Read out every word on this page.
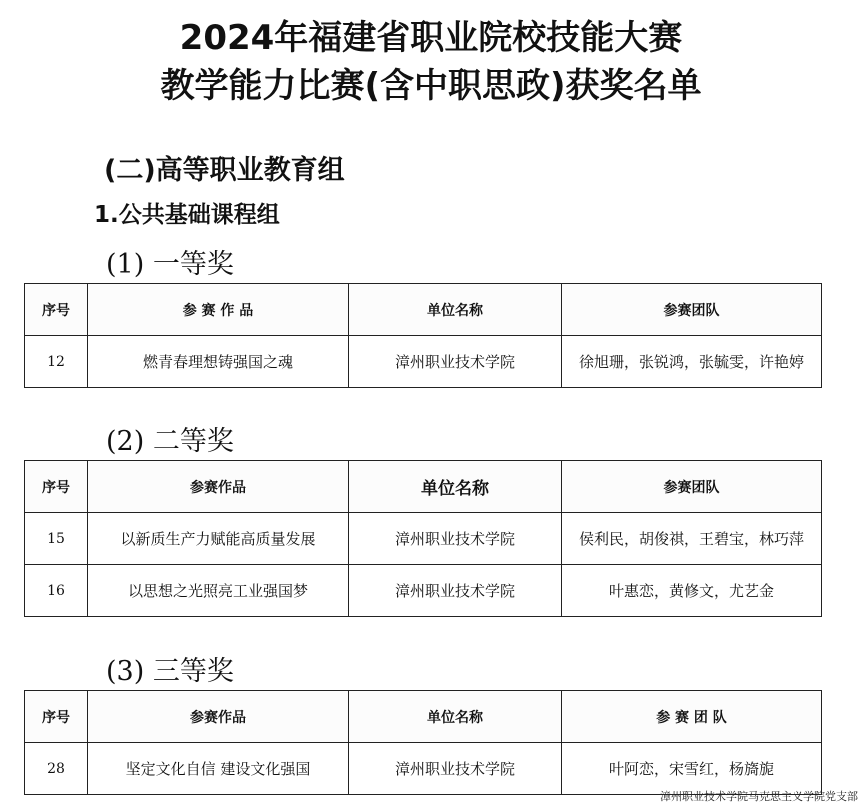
2024年福建省职业院校技能大赛
教学能力比赛(含中职思政)获奖名单
(二)高等职业教育组
1.公共基础课程组

(1) 一等奖

序号	参 赛 作 品	单位名称	参赛团队
12	燃青春理想铸强国之魂	漳州职业技术学院	徐旭珊，张锐鸿，张毓雯，许艳婷

(2) 二等奖

序号	参赛作品	单位名称	参赛团队
15	以新质生产力赋能高质量发展	漳州职业技术学院	侯利民，胡俊祺，王碧宝，林巧萍
16	以思想之光照亮工业强国梦	漳州职业技术学院	叶惠恋，黄修文，尤艺金

(3) 三等奖

序号	参赛作品	单位名称	参 赛 团 队
28	坚定文化自信 建设文化强国	漳州职业技术学院	叶阿恋，宋雪红，杨旖旎

漳州职业技术学院马克思主义学院党支部
